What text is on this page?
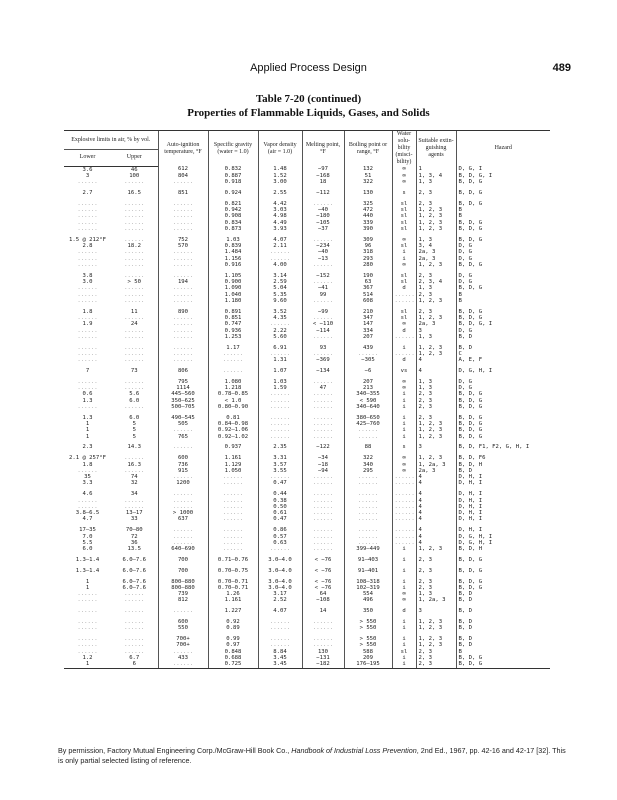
Applied Process Design	489
Table 7-20 (continued)
Properties of Flammable Liquids, Gases, and Solids
Explosive limits in air, % by vol.		Auto-ignition temperature, °F	Specific gravity (water = 1.0)	Vapor density (air = 1.0)	Melting point, °F	Boiling point or range, °F	Water solu-bility (misci-bility)	Suitable extin-guishing agents	Hazard
Lower	Upper								
3.6	46	612	0.832	1.48	−97	132	∞	1	D, G, I
3	100	804	0.887	1.52	−168	51	∞	1, 3, 4	B, D, G, I
......	......	......	0.918	3.00	18	322	∞	1, 3	B, D, G

2.7	16.5	851	0.924	2.55	−112	130	s	2, 3	B, D, G

......	......	......	0.821	4.42	......	325	sl	2, 3	B, D, G
......	......	......	0.942	3.03	−40	472	sl	1, 2, 3	B
......	......	......	0.908	4.98	−180	440	sl	1, 2, 3	B
......	......	......	0.834	4.49	−105	339	sl	1, 2, 3	B, D, G
......	......	......	0.873	3.93	−37	390	sl	1, 2, 3	B, D, G

1.5 @ 212°F	......	752	1.03	4.07	......	309	∞	1, 3	B, D, G
2.8	18.2	570	0.839	2.11	−234	96	sl	3, 4	D, G
......	......	......	1.484	......	−40	318	i	2a, 3	D, G
......	......	......	1.156	......	−13	293	i	2a, 3	D, G
......	......	......	0.916	4.00	......	280	∞	1, 2, 3	B, D, G

3.8	......	......	1.105	3.14	−152	190	sl	2, 3	D, G
3.0	> 50	194	0.900	2.59	......	63	sl	2, 3, 4	D, G
......	......	......	1.090	5.04	−41	367	d	1, 3	B, D, G
......	......	......	1.040	5.35	99	514	......	2, 3	B
......	......	......	1.180	9.60	......	608	......	1, 2, 3	B

1.8	11	890	0.891	3.52	−99	210	sl	2, 3	B, D, G
......	......	......	0.851	4.35	......	347	sl	1, 2, 3	B, D, G
1.9	24	......	0.747	......	< −110	147	∞	2a, 3	B, D, G, I
......	......	......	0.936	2.22	−114	334	d	3	D, G
......	......	......	1.253	5.60	......	207	......	1, 3	B, D

......	......	......	1.17	6.91	93	439	i	1, 2, 3	B, D
......	......	......	......	......	......	......	......	1, 2, 3	C
......	......	......	......	1.31	−369	−305	d	4	A, E, F

7	73	806	......	1.07	−134	−6	vs	4	D, G, H, I

......	......	795	1.080	1.03	......	207	∞	1, 3	D, G
......	......	1114	1.218	1.59	47	213	∞	1, 3	D, G
0.6	5.6	445–560	0.78–0.85	......	......	340–355	i	2, 3	B, D, G
1.3	6.0	350–625	< 1.0	......	......	< 590	i	2, 3	B, D, G
......	......	500–705	0.80–0.90	......	......	340–640	i	2, 3	B, D, G

1.3	6.0	490–545	0.81	......	......	380–650	i	2, 3	B, D, G
1	5	505	0.84–0.98	......	......	425–760	i	1, 2, 3	B, D, G
1	5	......	0.92–1.06	......	......	......	i	1, 2, 3	B, D, G
1	5	765	0.92–1.02	......	......	......	i	1, 2, 3	B, D, G

2.3	14.3	......	0.937	2.35	−122	88	s	3	B, D, F1, F2, G, H, I

2.1 @ 257°F	......	600	1.161	3.31	−34	322	∞	1, 2, 3	B, D, F6
1.8	16.3	736	1.129	3.57	−18	340	∞	1, 2a, 3	B, D, H
......	......	915	1.050	3.55	−94	295	∞	2a, 3	B, D
35	74	......	......	......	......	......	......	4	D, H, I
3.3	32	1200	......	0.47	......	......	......	4	D, H, I

4.6	34	......	......	0.44	......	......	......	4	D, H, I
......	......	......	......	0.38	......	......	......	4	D, H, I
......	......	......	......	0.50	......	......	......	4	D, H, I
3.8–6.5	13–17	> 1000	......	0.61	......	......	......	4	D, H, I
4.7	33	637	......	0.47	......	......	......	4	D, H, I

17–35	70–80	......	......	0.86	......	......	......	4	D, H, I
7.0	72	......	......	0.57	......	......	......	4	D, G, H, I
5.5	36	......	......	0.63	......	......	......	4	D, G, H, I
6.0	13.5	640–690	......	......	......	399–449	i	1, 2, 3	B, D, H

1.3–1.4	6.0–7.6	700	0.71–0.76	3.0–4.0	< −76	91–403	i	2, 3	B, D, G

1.3–1.4	6.0–7.6	700	0.70–0.75	3.0–4.0	< −76	91–401	i	2, 3	B, D, G

1	6.0–7.6	800–880	0.70–0.71	3.0–4.0	< −76	108–318	i	2, 3	B, D, G
1	6.0–7.6	800–880	0.70–0.71	3.0–4.0	< −76	102–319	i	2, 3	B, D, G
......	......	739	1.26	3.17	64	554	∞	1, 3	B, D
......	......	812	1.161	2.52	−108	496	∞	1, 2a, 3	B, D

......	......	......	1.227	4.07	14	350	d	3	B, D

......	......	600	0.92	......	......	> 550	i	1, 2, 3	B, D
......	......	550	0.89	......	......	> 550	i	1, 2, 3	B, D

......	......	700+	0.99	......	......	> 550	i	1, 2, 3	B, D
......	......	700+	0.97	......	......	> 550	i	1, 2, 3	B, D
......	......	......	0.848	8.84	130	588	sl	2, 3	B
1.2	6.7	433	0.688	3.45	−131	209	i	2, 3	B, D, G
1	6	......	0.725	3.45	−182	176–195	i	2, 3	B, D, G
By permission, Factory Mutual Engineering Corp./McGraw-Hill Book Co., Handbook of Industrial Loss Prevention, 2nd Ed., 1967, pp. 42-16 and 42-17 [32]. This is only partial selected listing of reference.
